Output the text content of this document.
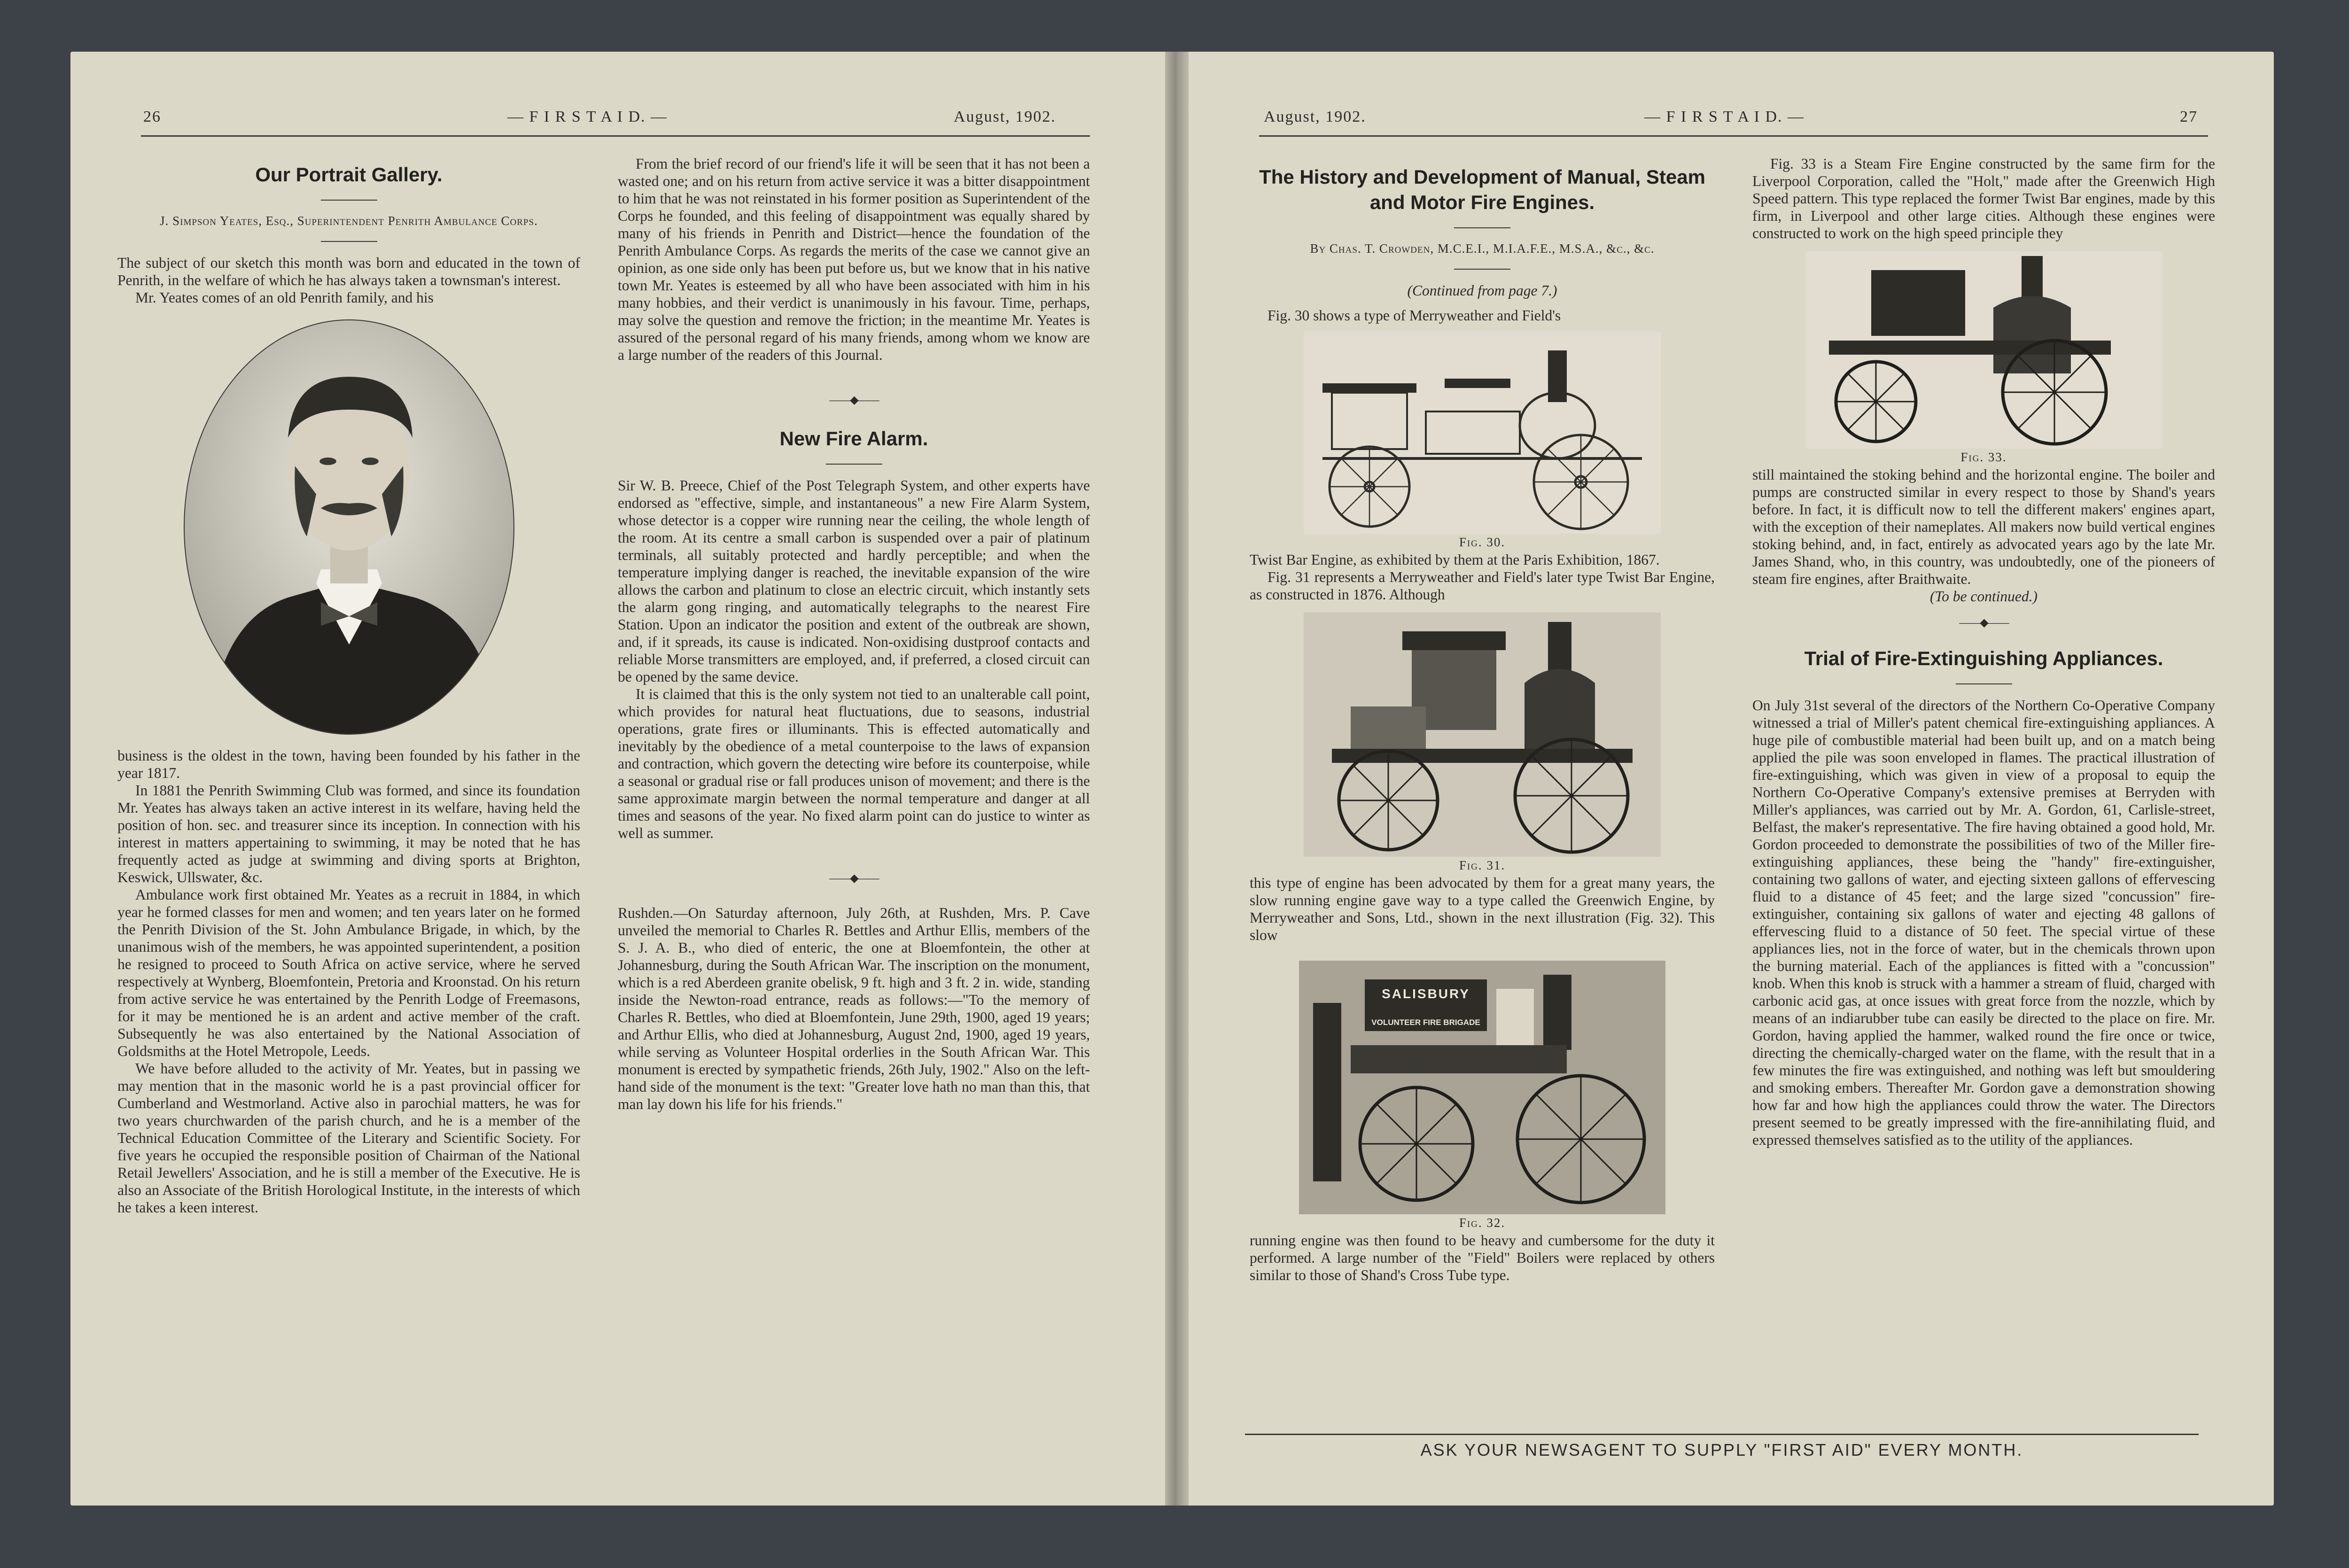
26	— F I R S T A I D. —	August, 1902.
Our Portrait Gallery.

J. Simpson Yeates, Esq., Superintendent Penrith Ambulance Corps.

The subject of our sketch this month was born and educated in the town of Penrith, in the welfare of which he has always taken a townsman's interest.

Mr. Yeates comes of an old Penrith family, and his

business is the oldest in the town, having been founded by his father in the year 1817.

In 1881 the Penrith Swimming Club was formed, and since its foundation Mr. Yeates has always taken an active interest in its welfare, having held the position of hon. sec. and treasurer since its inception. In connection with his interest in matters appertaining to swimming, it may be noted that he has frequently acted as judge at swimming and diving sports at Brighton, Keswick, Ullswater, &c.

Ambulance work first obtained Mr. Yeates as a recruit in 1884, in which year he formed classes for men and women; and ten years later on he formed the Penrith Division of the St. John Ambulance Brigade, in which, by the unanimous wish of the members, he was appointed superintendent, a position he resigned to proceed to South Africa on active service, where he served respectively at Wynberg, Bloemfontein, Pretoria and Kroonstad. On his return from active service he was entertained by the Penrith Lodge of Freemasons, for it may be mentioned he is an ardent and active member of the craft. Subsequently he was also entertained by the National Association of Goldsmiths at the Hotel Metropole, Leeds.

We have before alluded to the activity of Mr. Yeates, but in passing we may mention that in the masonic world he is a past provincial officer for Cumberland and Westmorland. Active also in parochial matters, he was for two years churchwarden of the parish church, and he is a member of the Technical Education Committee of the Literary and Scientific Society. For five years he occupied the responsible position of Chairman of the National Retail Jewellers' Association, and he is still a member of the Executive. He is also an Associate of the British Horological Institute, in the interests of which he takes a keen interest.

From the brief record of our friend's life it will be seen that it has not been a wasted one; and on his return from active service it was a bitter disappointment to him that he was not reinstated in his former position as Superintendent of the Corps he founded, and this feeling of disappointment was equally shared by many of his friends in Penrith and District—hence the foundation of the Penrith Ambulance Corps. As regards the merits of the case we cannot give an opinion, as one side only has been put before us, but we know that in his native town Mr. Yeates is esteemed by all who have been associated with him in his many hobbies, and their verdict is unanimously in his favour. Time, perhaps, may solve the question and remove the friction; in the meantime Mr. Yeates is assured of the personal regard of his many friends, among whom we know are a large number of the readers of this Journal.

——◆——
New Fire Alarm.

Sir W. B. Preece, Chief of the Post Telegraph System, and other experts have endorsed as "effective, simple, and instantaneous" a new Fire Alarm System, whose detector is a copper wire running near the ceiling, the whole length of the room. At its centre a small carbon is suspended over a pair of platinum terminals, all suitably protected and hardly perceptible; and when the temperature implying danger is reached, the inevitable expansion of the wire allows the carbon and platinum to close an electric circuit, which instantly sets the alarm gong ringing, and automatically telegraphs to the nearest Fire Station. Upon an indicator the position and extent of the outbreak are shown, and, if it spreads, its cause is indicated. Non-oxidising dustproof contacts and reliable Morse transmitters are employed, and, if preferred, a closed circuit can be opened by the same device.

It is claimed that this is the only system not tied to an unalterable call point, which provides for natural heat fluctuations, due to seasons, industrial operations, grate fires or illuminants. This is effected automatically and inevitably by the obedience of a metal counterpoise to the laws of expansion and contraction, which govern the detecting wire before its counterpoise, while a seasonal or gradual rise or fall produces unison of movement; and there is the same approximate margin between the normal temperature and danger at all times and seasons of the year. No fixed alarm point can do justice to winter as well as summer.

——◆——

Rushden.—On Saturday afternoon, July 26th, at Rushden, Mrs. P. Cave unveiled the memorial to Charles R. Bettles and Arthur Ellis, members of the S. J. A. B., who died of enteric, the one at Bloemfontein, the other at Johannesburg, during the South African War. The inscription on the monument, which is a red Aberdeen granite obelisk, 9 ft. high and 3 ft. 2 in. wide, standing inside the Newton-road entrance, reads as follows:—"To the memory of Charles R. Bettles, who died at Bloemfontein, June 29th, 1900, aged 19 years; and Arthur Ellis, who died at Johannesburg, August 2nd, 1900, aged 19 years, while serving as Volunteer Hospital orderlies in the South African War. This monument is erected by sympathetic friends, 26th July, 1902." Also on the left-hand side of the monument is the text: "Greater love hath no man than this, that man lay down his life for his friends."

August, 1902.	— F I R S T A I D. —	27
The History and Development of Manual, Steam and Motor Fire Engines.

By Chas. T. Crowden, M.C.E.I., M.I.A.F.E., M.S.A., &c., &c.

(Continued from page 7.)

Fig. 30 shows a type of Merryweather and Field's

Fig. 30.

Twist Bar Engine, as exhibited by them at the Paris Exhibition, 1867.

Fig. 31 represents a Merryweather and Field's later type Twist Bar Engine, as constructed in 1876. Although

Fig. 31.

this type of engine has been advocated by them for a great many years, the slow running engine gave way to a type called the Greenwich Engine, by Merryweather and Sons, Ltd., shown in the next illustration (Fig. 32). This slow

SALISBURY
VOLUNTEER FIRE BRIGADE

Fig. 32.

running engine was then found to be heavy and cumbersome for the duty it performed. A large number of the "Field" Boilers were replaced by others similar to those of Shand's Cross Tube type.

Fig. 33 is a Steam Fire Engine constructed by the same firm for the Liverpool Corporation, called the "Holt," made after the Greenwich High Speed pattern. This type replaced the former Twist Bar engines, made by this firm, in Liverpool and other large cities. Although these engines were constructed to work on the high speed principle they

Fig. 33.

still maintained the stoking behind and the horizontal engine. The boiler and pumps are constructed similar in every respect to those by Shand's years before. In fact, it is difficult now to tell the different makers' engines apart, with the exception of their nameplates. All makers now build vertical engines stoking behind, and, in fact, entirely as advocated years ago by the late Mr. James Shand, who, in this country, was undoubtedly, one of the pioneers of steam fire engines, after Braithwaite.

(To be continued.)

——◆——
Trial of Fire-Extinguishing Appliances.

On July 31st several of the directors of the Northern Co-Operative Company witnessed a trial of Miller's patent chemical fire-extinguishing appliances. A huge pile of combustible material had been built up, and on a match being applied the pile was soon enveloped in flames. The practical illustration of fire-extinguishing, which was given in view of a proposal to equip the Northern Co-Operative Company's extensive premises at Berryden with Miller's appliances, was carried out by Mr. A. Gordon, 61, Carlisle-street, Belfast, the maker's representative. The fire having obtained a good hold, Mr. Gordon proceeded to demonstrate the possibilities of two of the Miller fire-extinguishing appliances, these being the "handy" fire-extinguisher, containing two gallons of water, and ejecting sixteen gallons of effervescing fluid to a distance of 45 feet; and the large sized "concussion" fire-extinguisher, containing six gallons of water and ejecting 48 gallons of effervescing fluid to a distance of 50 feet. The special virtue of these appliances lies, not in the force of water, but in the chemicals thrown upon the burning material. Each of the appliances is fitted with a "concussion" knob. When this knob is struck with a hammer a stream of fluid, charged with carbonic acid gas, at once issues with great force from the nozzle, which by means of an indiarubber tube can easily be directed to the place on fire. Mr. Gordon, having applied the hammer, walked round the fire once or twice, directing the chemically-charged water on the flame, with the result that in a few minutes the fire was extinguished, and nothing was left but smouldering and smoking embers. Thereafter Mr. Gordon gave a demonstration showing how far and how high the appliances could throw the water. The Directors present seemed to be greatly impressed with the fire-annihilating fluid, and expressed themselves satisfied as to the utility of the appliances.

ASK YOUR NEWSAGENT TO SUPPLY "FIRST AID" EVERY MONTH.
